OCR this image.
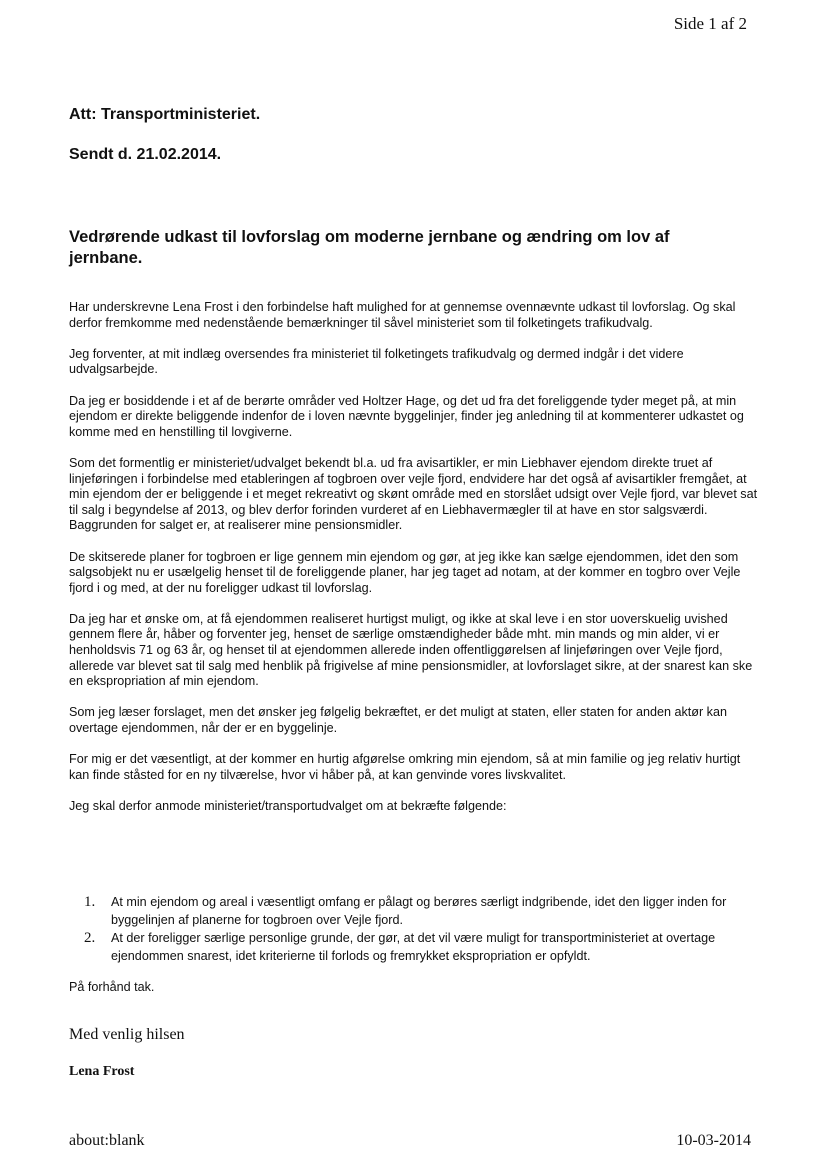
Side 1 af 2
Att: Transportministeriet.
Sendt d. 21.02.2014.
Vedrørende udkast til lovforslag om moderne jernbane og ændring om lov af jernbane.

Har underskrevne Lena Frost i den forbindelse haft mulighed for at gennemse ovennævnte udkast til lovforslag. Og skal derfor fremkomme med nedenstående bemærkninger til såvel ministeriet som til folketingets trafikudvalg.

Jeg forventer, at mit indlæg oversendes fra ministeriet til folketingets trafikudvalg og dermed indgår i det videre udvalgsarbejde.

Da jeg er bosiddende i et af de berørte områder ved Holtzer Hage, og det ud fra det foreliggende tyder meget på, at min ejendom er direkte beliggende indenfor de i loven nævnte byggelinjer, finder jeg anledning til at kommenterer udkastet og komme med en henstilling til lovgiverne.

Som det formentlig er ministeriet/udvalget bekendt bl.a. ud fra avisartikler, er min Liebhaver ejendom direkte truet af linjeføringen i forbindelse med etableringen af togbroen over vejle fjord, endvidere har det også af avisartikler fremgået, at min ejendom der er beliggende i et meget rekreativt og skønt område med en storslået udsigt over Vejle fjord, var blevet sat til salg i begyndelse af 2013, og blev derfor forinden vurderet af en Liebhavermægler til at have en stor salgsværdi. Baggrunden for salget er, at realiserer mine pensionsmidler.

De skitserede planer for togbroen er lige gennem min ejendom og gør, at jeg ikke kan sælge ejendommen, idet den som salgsobjekt nu er usælgelig henset til de foreliggende planer, har jeg taget ad notam, at der kommer en togbro over Vejle fjord i og med, at der nu foreligger udkast til lovforslag.

Da jeg har et ønske om, at få ejendommen realiseret hurtigst muligt, og ikke at skal leve i en stor uoverskuelig uvished gennem flere år, håber og forventer jeg, henset de særlige omstændigheder både mht. min mands og min alder, vi er henholdsvis 71 og 63 år, og henset til at ejendommen allerede inden offentliggørelsen af linjeføringen over Vejle fjord, allerede var blevet sat til salg med henblik på frigivelse af mine pensionsmidler, at lovforslaget sikre, at der snarest kan ske en ekspropriation af min ejendom.

Som jeg læser forslaget, men det ønsker jeg følgelig bekræftet, er det muligt at staten, eller staten for anden aktør kan overtage ejendommen, når der er en byggelinje.

For mig er det væsentligt, at der kommer en hurtig afgørelse omkring min ejendom, så at min familie og jeg relativ hurtigt kan finde ståsted for en ny tilværelse, hvor vi håber på, at kan genvinde vores livskvalitet.

Jeg skal derfor anmode ministeriet/transportudvalget om at bekræfte følgende:

1.	At min ejendom og areal i væsentligt omfang er pålagt og berøres særligt indgribende, idet den ligger inden for byggelinjen af planerne for togbroen over Vejle fjord.
2.	At der foreligger særlige personlige grunde, der gør, at det vil være muligt for transportministeriet at overtage ejendommen snarest, idet kriterierne til forlods og fremrykket ekspropriation er opfyldt.
På forhånd tak.
Med venlig hilsen
Lena Frost
about:blank	10-03-2014
